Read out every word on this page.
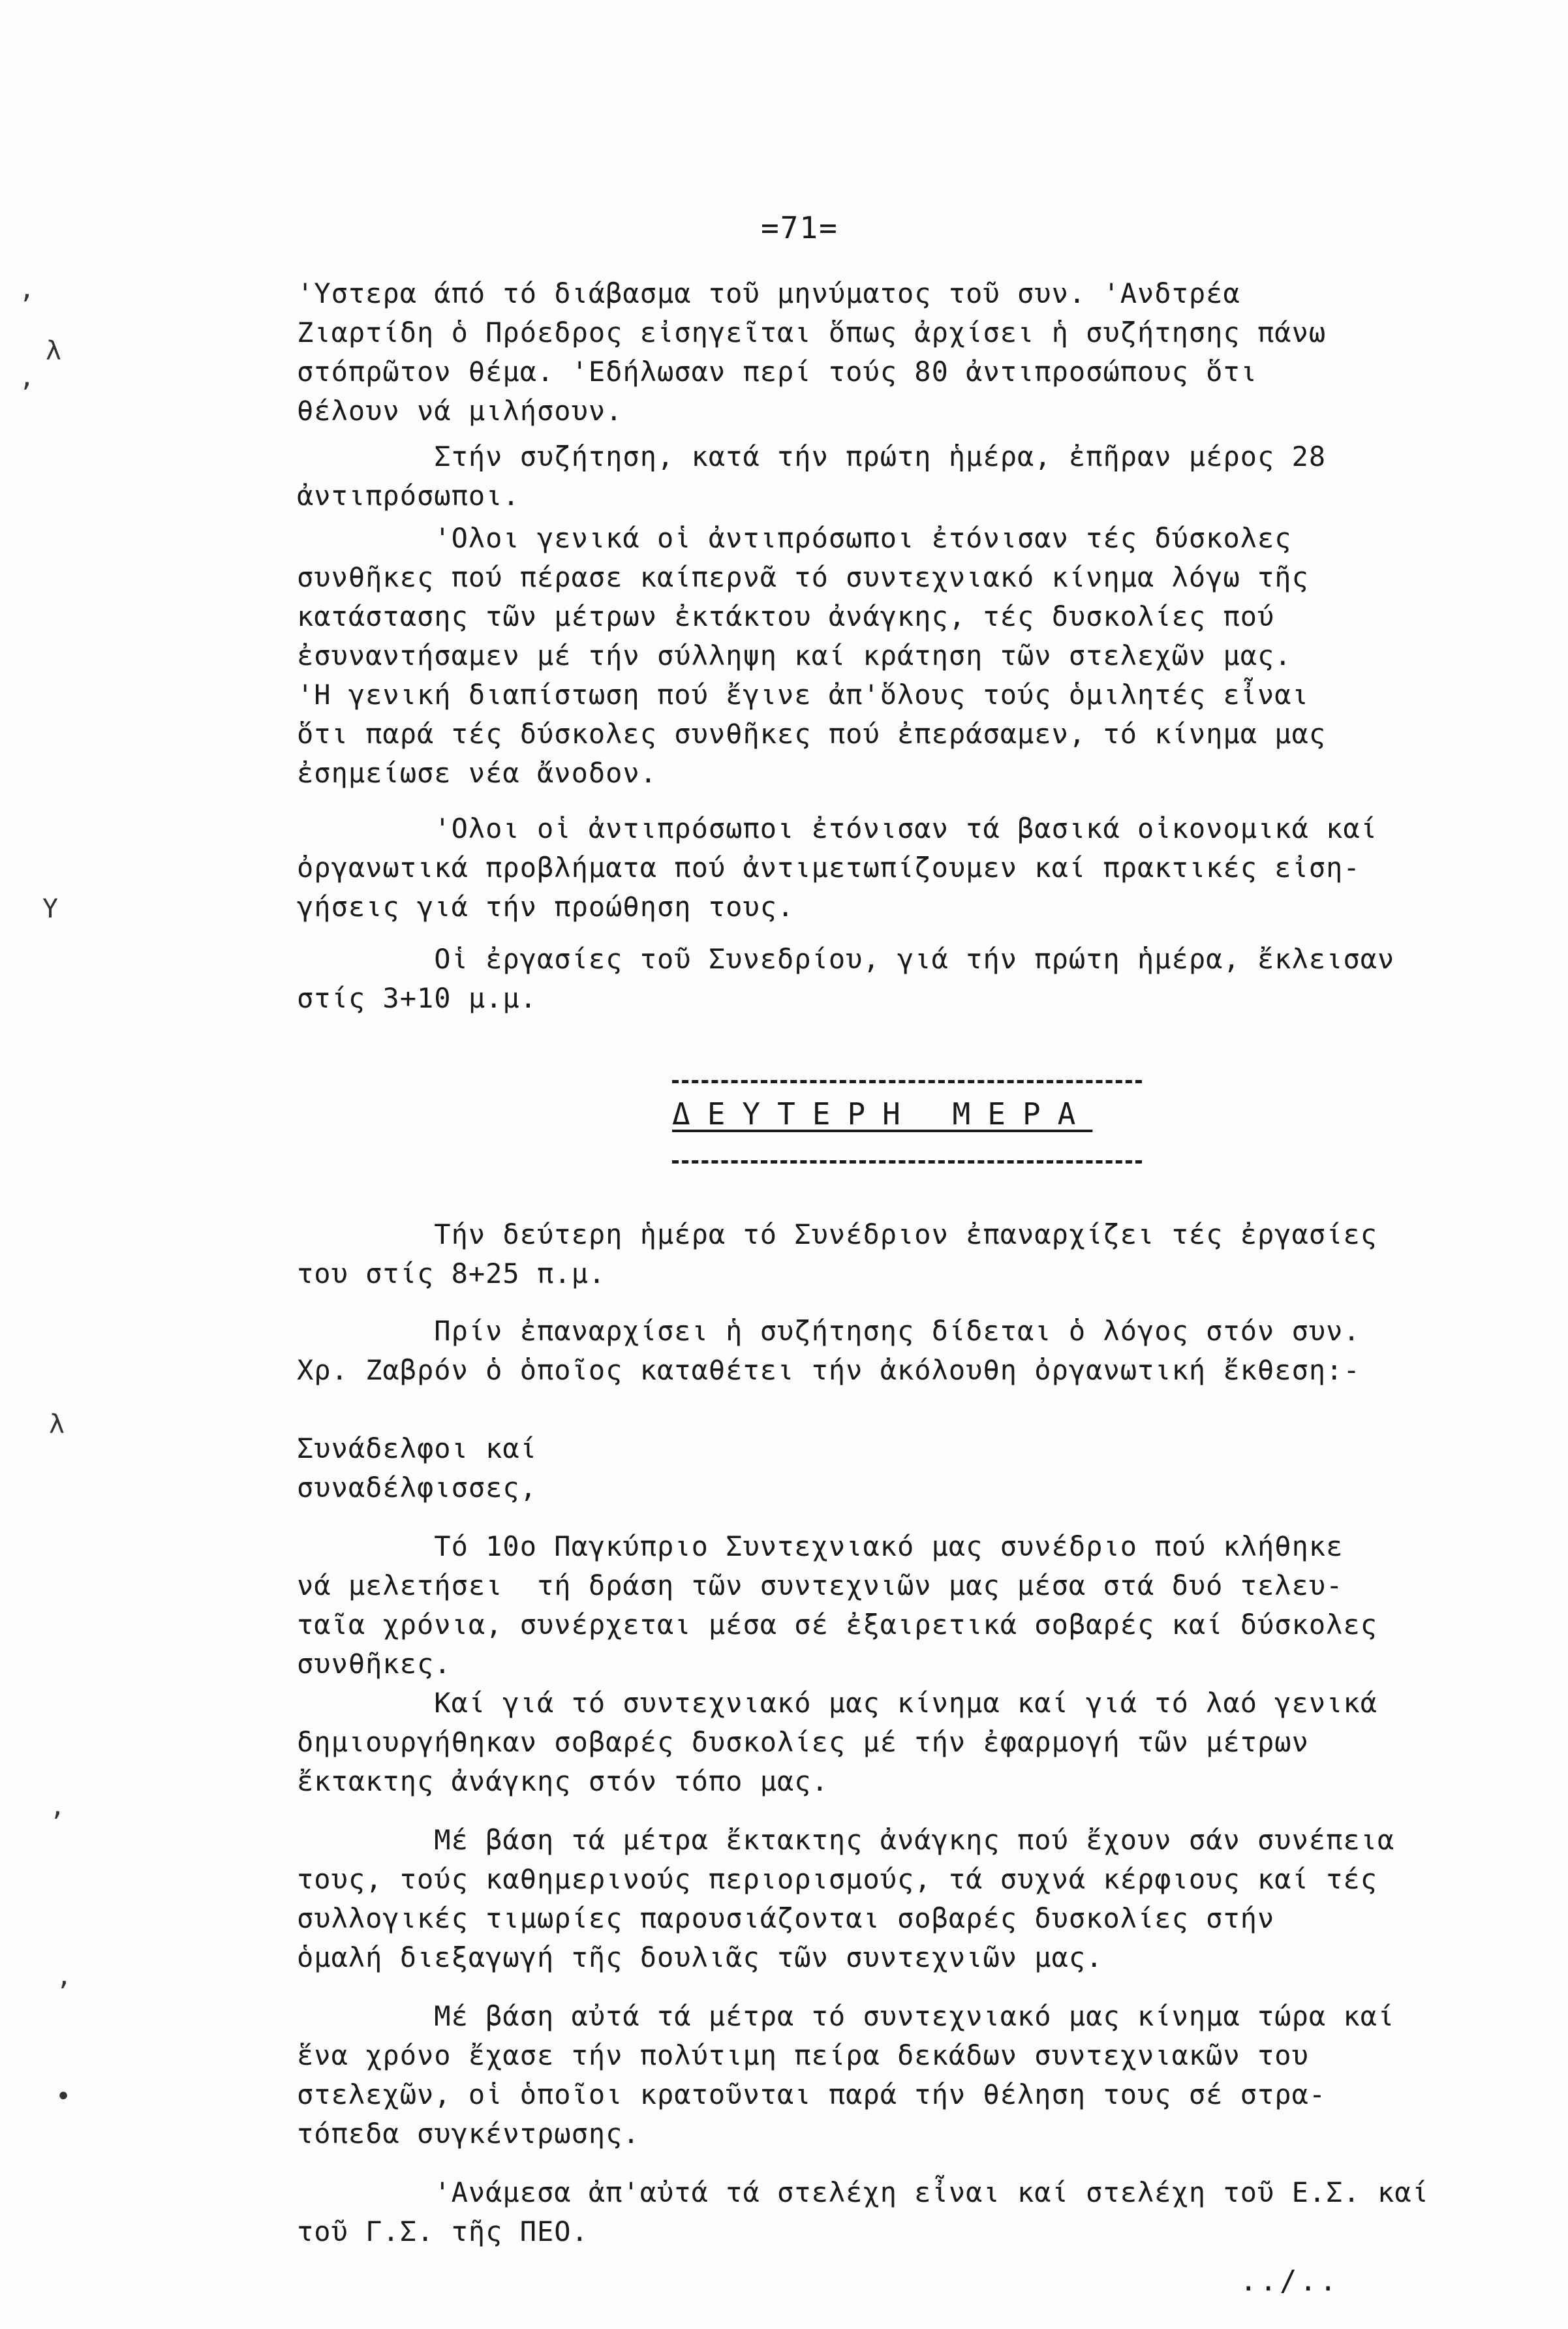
=71=
'Υστερα άπό τό διάβασμα τοῦ μηνύματος τοῦ συν. 'Ανδτρέα
Ζιαρτίδη ὁ Πρόεδρος εἰσηγεῖται ὅπως ἀρχίσει ἡ συζήτησης πάνω
στόπρῶτον θέμα. 'Εδήλωσαν περί τούς 80 ἀντιπροσώπους ὅτι
θέλουν νά μιλήσουν.
Στήν συζήτηση, κατά τήν πρώτη ἡμέρα, ἐπῆραν μέρος 28
ἀντιπρόσωποι.
'Ολοι γενικά οἱ ἀντιπρόσωποι ἐτόνισαν τές δύσκολες
συνθῆκες πού πέρασε καίπερνᾶ τό συντεχνιακό κίνημα λόγω τῆς
κατάστασης τῶν μέτρων ἐκτάκτου ἀνάγκης, τές δυσκολίες πού
ἐσυναντήσαμεν μέ τήν σύλληψη καί κράτηση τῶν στελεχῶν μας.
'Η γενική διαπίστωση πού ἔγινε ἀπ'ὅλους τούς ὁμιλητές εἶναι
ὅτι παρά τές δύσκολες συνθῆκες πού ἐπεράσαμεν, τό κίνημα μας
ἐσημείωσε νέα ἄνοδον.
'Ολοι οἱ ἀντιπρόσωποι ἐτόνισαν τά βασικά οἰκονομικά καί
ὀργανωτικά προβλήματα πού ἀντιμετωπίζουμεν καί πρακτικές εἰση-
γήσεις γιά τήν προώθηση τους.
Οἱ ἐργασίες τοῦ Συνεδρίου, γιά τήν πρώτη ἡμέρα, ἔκλεισαν
στίς 3+10 μ.μ.
ΔΕΥΤΕΡΗ ΜΕΡΑ
Τήν δεύτερη ἡμέρα τό Συνέδριον ἐπαναρχίζει τές ἐργασίες
του στίς 8+25 π.μ.
Πρίν ἐπαναρχίσει ἡ συζήτησης δίδεται ὁ λόγος στόν συν.
Χρ. Ζαβρόν ὁ ὁποῖος καταθέτει τήν ἀκόλουθη ὀργανωτική ἔκθεση:-
Συνάδελφοι καί
συναδέλφισσες,
Τό 10ο Παγκύπριο Συντεχνιακό μας συνέδριο πού κλήθηκε
νά μελετήσει  τή δράση τῶν συντεχνιῶν μας μέσα στά δυό τελευ-
ταῖα χρόνια, συνέρχεται μέσα σέ ἐξαιρετικά σοβαρές καί δύσκολες
συνθῆκες.
Καί γιά τό συντεχνιακό μας κίνημα καί γιά τό λαό γενικά
δημιουργήθηκαν σοβαρές δυσκολίες μέ τήν ἐφαρμογή τῶν μέτρων
ἔκτακτης ἀνάγκης στόν τόπο μας.
Μέ βάση τά μέτρα ἔκτακτης ἀνάγκης πού ἔχουν σάν συνέπεια
τους, τούς καθημερινούς περιορισμούς, τά συχνά κέρφιους καί τές
συλλογικές τιμωρίες παρουσιάζονται σοβαρές δυσκολίες στήν
ὁμαλή διεξαγωγή τῆς δουλιᾶς τῶν συντεχνιῶν μας.
Μέ βάση αὐτά τά μέτρα τό συντεχνιακό μας κίνημα τώρα καί
ἕνα χρόνο ἔχασε τήν πολύτιμη πείρα δεκάδων συντεχνιακῶν του
στελεχῶν, οἱ ὁποῖοι κρατοῦνται παρά τήν θέληση τους σέ στρα-
τόπεδα συγκέντρωσης.
'Ανάμεσα ἀπ'αὐτά τά στελέχη εἶναι καί στελέχη τοῦ Ε.Σ. καί
τοῦ Γ.Σ. τῆς ΠΕΟ.
../..
ʼ
λ
ʼ
Y
λ
ʼ
ʼ
•
